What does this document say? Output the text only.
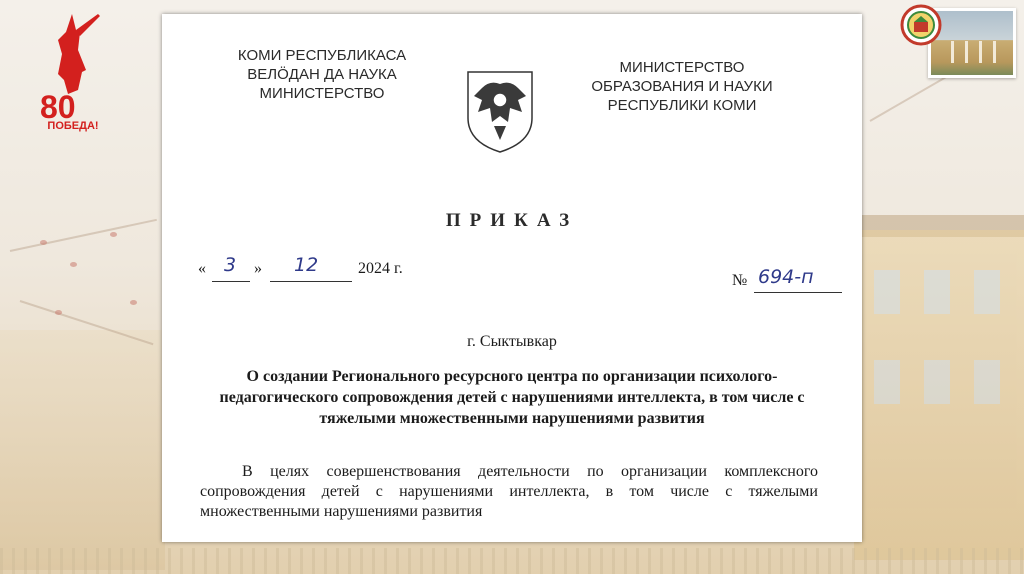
80
ПОБЕДА!
КОМИ РЕСПУБЛИКАСА
ВЕЛÖДАН ДА НАУКА
МИНИСТЕРСТВО
МИНИСТЕРСТВО
ОБРАЗОВАНИЯ И НАУКИ
РЕСПУБЛИКИ КОМИ
ПРИКАЗ
« 3 » 12 2024 г.
№ 694-п
г. Сыктывкар
О создании Регионального ресурсного центра по организации психолого-педагогического сопровождения детей с нарушениями интеллекта, в том числе с тяжелыми множественными нарушениями развития
В целях совершенствования деятельности по организации комплексного сопровождения детей с нарушениями интеллекта, в том числе с тяжелыми множественными нарушениями развития
